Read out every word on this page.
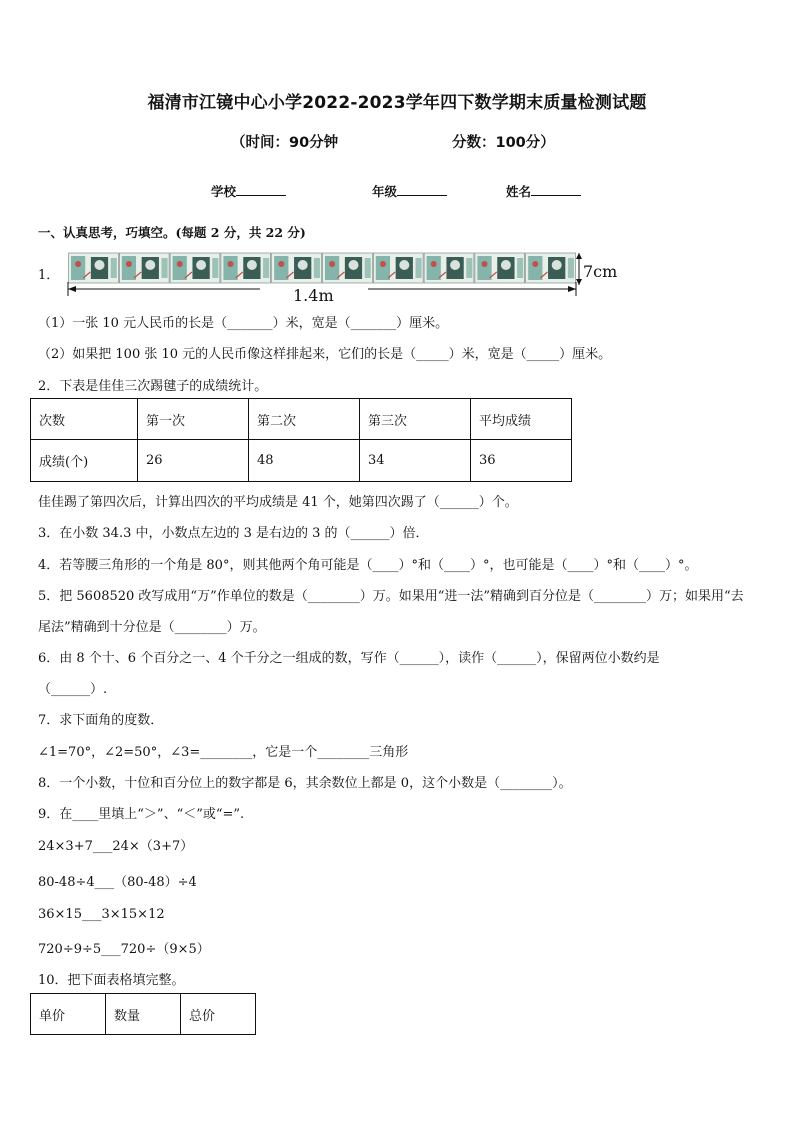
福清市江镜中心小学2022-2023学年四下数学期末质量检测试题
（时间：90分钟	分数：100分）
学校	年级	姓名
一、认真思考，巧填空。(每题 2 分，共 22 分)
1．
1.4m
7cm
（1）一张 10 元人民币的长是（_______）米，宽是（_______）厘米。
（2）如果把 100 张 10 元的人民币像这样排起来，它们的长是（_____）米，宽是（_____）厘米。
2．下表是佳佳三次踢毽子的成绩统计。
次数	第一次	第二次	第三次	平均成绩
成绩(个)	26	48	34	36
佳佳踢了第四次后，计算出四次的平均成绩是 41 个，她第四次踢了（______）个。
3．在小数 34.3 中，小数点左边的 3 是右边的 3 的（______）倍．
4．若等腰三角形的一个角是 80°，则其他两个角可能是（____）°和（____）°，也可能是（____）°和（____）°。
5．把 5608520 改写成用“万”作单位的数是（________）万。如果用“进一法”精确到百分位是（________）万；如果用“去
尾法”精确到十分位是（________）万。
6．由 8 个十、6 个百分之一、4 个千分之一组成的数，写作（______），读作（______），保留两位小数约是
（______）.
7．求下面角的度数．
∠1=70°，∠2=50°，∠3=________，它是一个________三角形
8．一个小数，十位和百分位上的数字都是 6，其余数位上都是 0，这个小数是（________）。
9．在____里填上“＞”、“＜”或“=”.
24×3+7___24×（3+7）
80-48÷4___（80-48）÷4
36×15___3×15×12
720÷9÷5___720÷（9×5）
10．把下面表格填完整。
单价	数量	总价
